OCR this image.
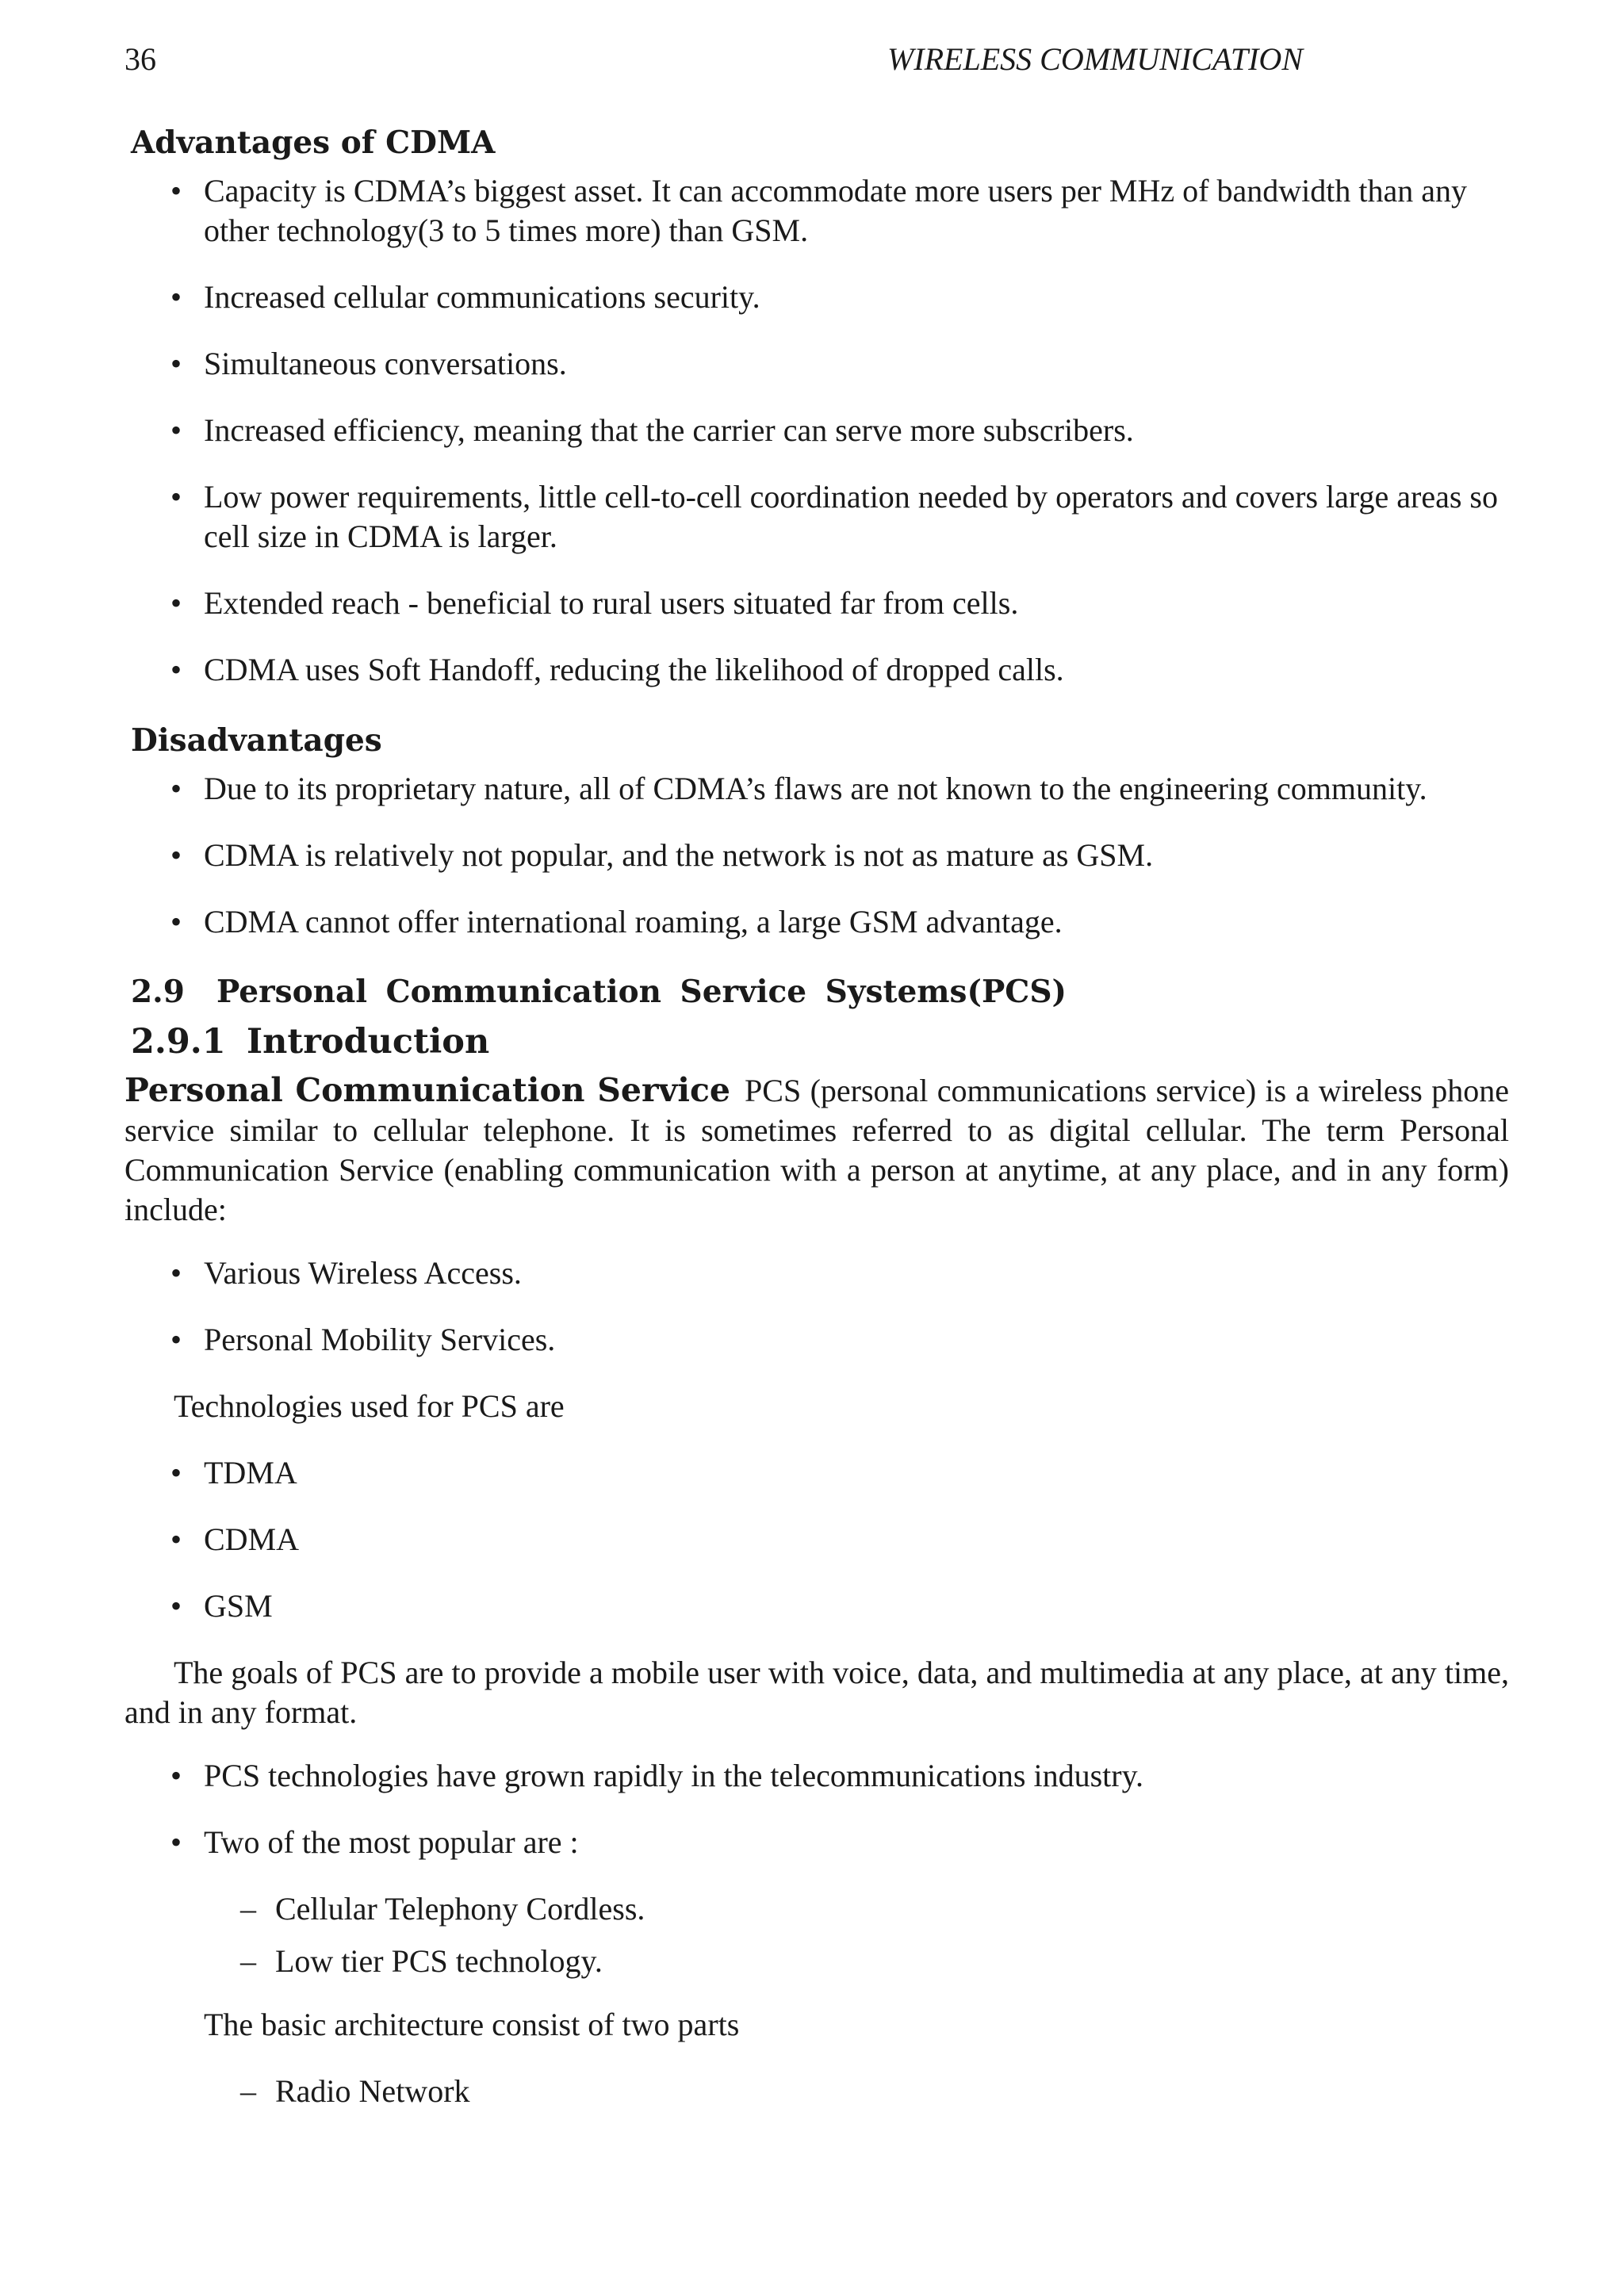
36	WIRELESS COMMUNICATION
Advantages of CDMA
• Capacity is CDMA’s biggest asset. It can accommodate more users per MHz of bandwidth than any other technology(3 to 5 times more) than GSM.
• Increased cellular communications security.
• Simultaneous conversations.
• Increased efficiency, meaning that the carrier can serve more subscribers.
• Low power requirements, little cell-to-cell coordination needed by operators and covers large areas so cell size in CDMA is larger.
• Extended reach - beneficial to rural users situated far from cells.
• CDMA uses Soft Handoff, reducing the likelihood of dropped calls.
Disadvantages
• Due to its proprietary nature, all of CDMA’s flaws are not known to the engineering community.
• CDMA is relatively not popular, and the network is not as mature as GSM.
• CDMA cannot offer international roaming, a large GSM advantage.
2.9 Personal Communication Service Systems(PCS)
2.9.1 Introduction

Personal Communication Service PCS (personal communications service) is a wireless phone service similar to cellular telephone. It is sometimes referred to as digital cellular. The term Personal Communication Service (enabling communication with a person at anytime, at any place, and in any form) include:

• Various Wireless Access.
• Personal Mobility Services.

Technologies used for PCS are

• TDMA
• CDMA
• GSM

The goals of PCS are to provide a mobile user with voice, data, and multimedia at any place, at any time, and in any format.

• PCS technologies have grown rapidly in the telecommunications industry.
• Two of the most popular are :
– Cellular Telephony Cordless.
– Low tier PCS technology.

The basic architecture consist of two parts

– Radio Network
